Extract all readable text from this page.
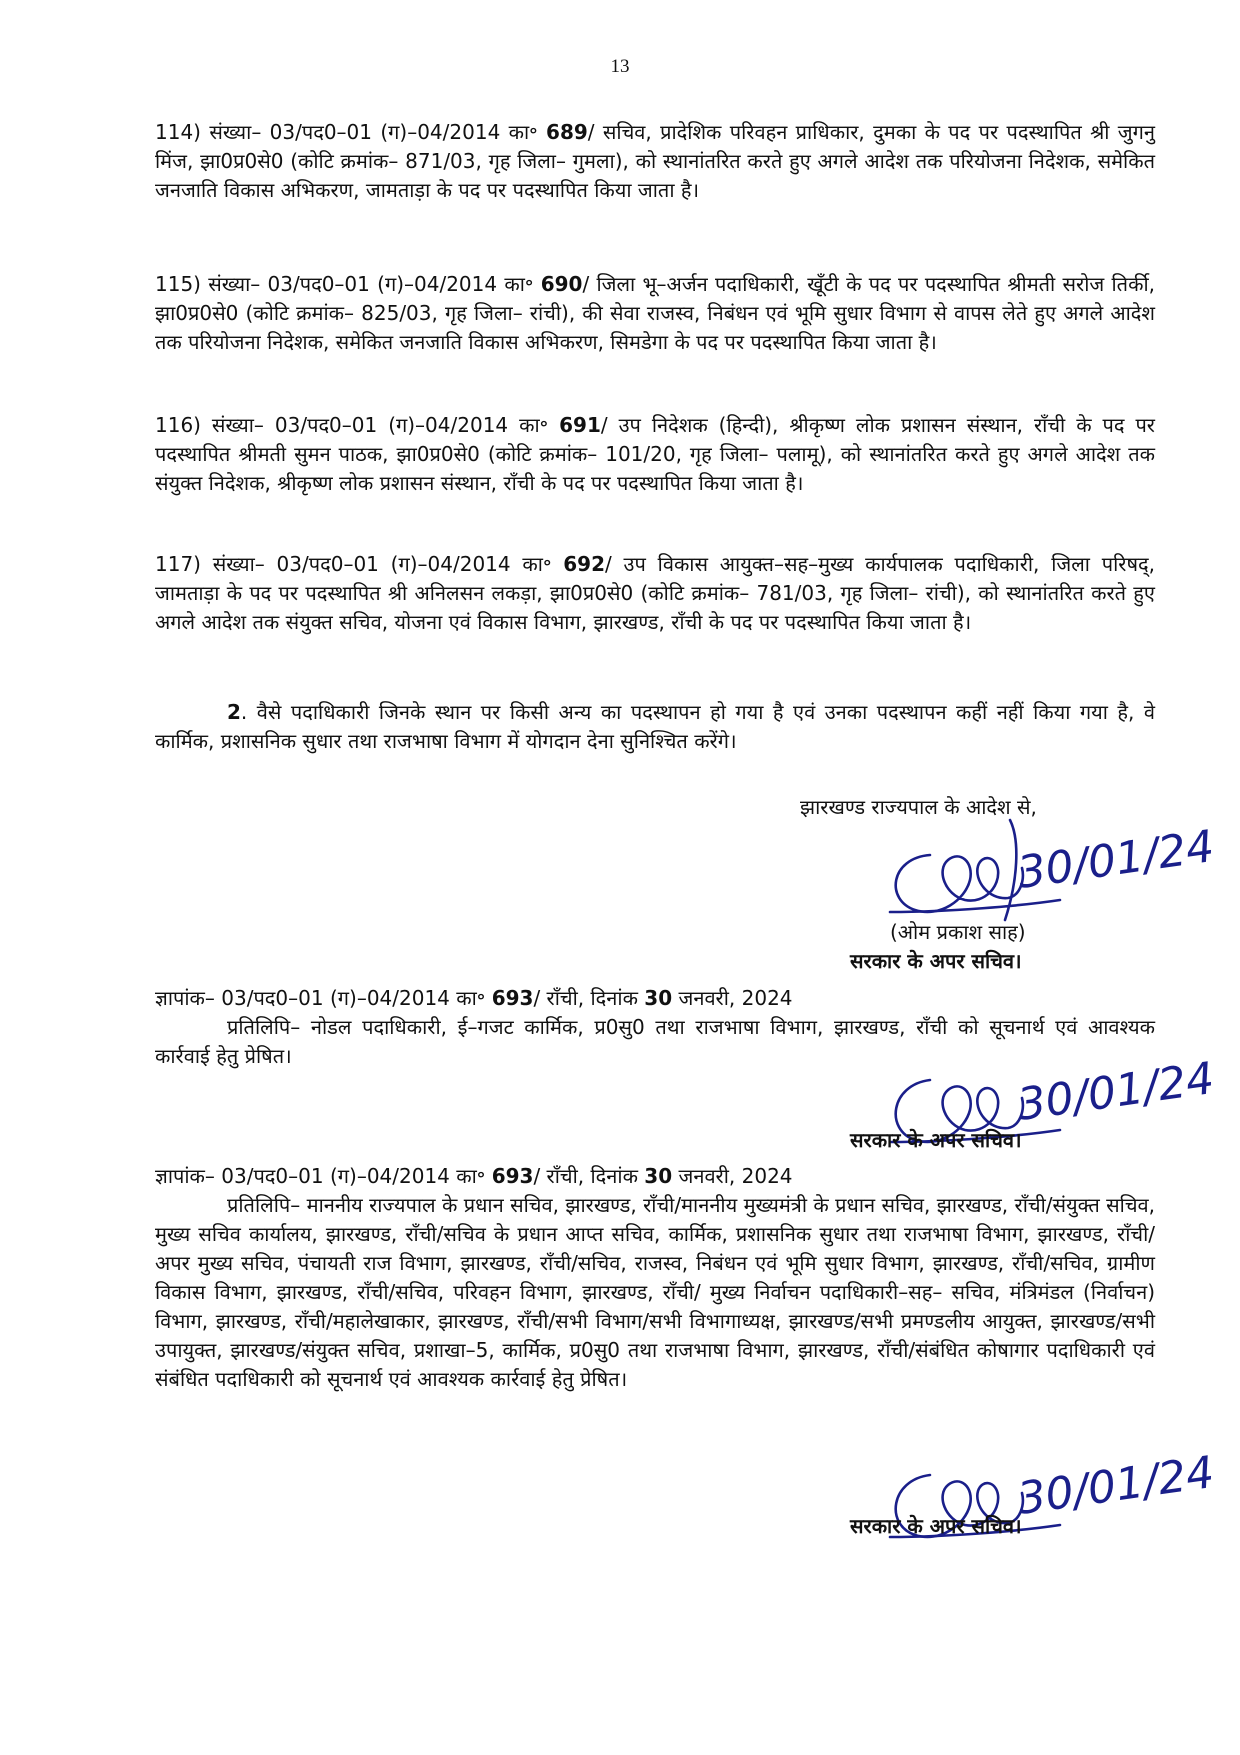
13

114) संख्या– 03/पद0–01 (ग)–04/2014 का॰ 689/ सचिव, प्रादेशिक परिवहन प्राधिकार, दुमका के पद पर पदस्थापित श्री जुगनु मिंज, झा0प्र0से0 (कोटि क्रमांक– 871/03, गृह जिला– गुमला), को स्थानांतरित करते हुए अगले आदेश तक परियोजना निदेशक, समेकित जनजाति विकास अभिकरण, जामताड़ा के पद पर पदस्थापित किया जाता है।

115) संख्या– 03/पद0–01 (ग)–04/2014 का॰ 690/ जिला भू–अर्जन पदाधिकारी, खूँटी के पद पर पदस्थापित श्रीमती सरोज तिर्की, झा0प्र0से0 (कोटि क्रमांक– 825/03, गृह जिला– रांची), की सेवा राजस्व, निबंधन एवं भूमि सुधार विभाग से वापस लेते हुए अगले आदेश तक परियोजना निदेशक, समेकित जनजाति विकास अभिकरण, सिमडेगा के पद पर पदस्थापित किया जाता है।

116) संख्या– 03/पद0–01 (ग)–04/2014 का॰ 691/ उप निदेशक (हिन्दी), श्रीकृष्ण लोक प्रशासन संस्थान, राँची के पद पर पदस्थापित श्रीमती सुमन पाठक, झा0प्र0से0 (कोटि क्रमांक– 101/20, गृह जिला– पलामू), को स्थानांतरित करते हुए अगले आदेश तक संयुक्त निदेशक, श्रीकृष्ण लोक प्रशासन संस्थान, राँची के पद पर पदस्थापित किया जाता है।

117) संख्या– 03/पद0–01 (ग)–04/2014 का॰ 692/ उप विकास आयुक्त–सह–मुख्य कार्यपालक पदाधिकारी, जिला परिषद्, जामताड़ा के पद पर पदस्थापित श्री अनिलसन लकड़ा, झा0प्र0से0 (कोटि क्रमांक– 781/03, गृह जिला– रांची), को स्थानांतरित करते हुए अगले आदेश तक संयुक्त सचिव, योजना एवं विकास विभाग, झारखण्ड, राँची के पद पर पदस्थापित किया जाता है।

2. वैसे पदाधिकारी जिनके स्थान पर किसी अन्य का पदस्थापन हो गया है एवं उनका पदस्थापन कहीं नहीं किया गया है, वे कार्मिक, प्रशासनिक सुधार तथा राजभाषा विभाग में योगदान देना सुनिश्चित करेंगे।

झारखण्ड राज्यपाल के आदेश से,
30/01/24
(ओम प्रकाश साह)
सरकार के अपर सचिव।
ज्ञापांक– 03/पद0–01 (ग)–04/2014 का॰ 693/ राँची, दिनांक 30 जनवरी, 2024
प्रतिलिपि– नोडल पदाधिकारी, ई–गजट कार्मिक, प्र0सु0 तथा राजभाषा विभाग, झारखण्ड, राँची को सूचनार्थ एवं आवश्यक कार्रवाई हेतु प्रेषित।	30/01/24
सरकार के अपर सचिव।
ज्ञापांक– 03/पद0–01 (ग)–04/2014 का॰ 693/ राँची, दिनांक 30 जनवरी, 2024
प्रतिलिपि– माननीय राज्यपाल के प्रधान सचिव, झारखण्ड, राँची/माननीय मुख्यमंत्री के प्रधान सचिव, झारखण्ड, राँची/संयुक्त सचिव, मुख्य सचिव कार्यालय, झारखण्ड, राँची/सचिव के प्रधान आप्त सचिव, कार्मिक, प्रशासनिक सुधार तथा राजभाषा विभाग, झारखण्ड, राँची/अपर मुख्य सचिव, पंचायती राज विभाग, झारखण्ड, राँची/सचिव, राजस्व, निबंधन एवं भूमि सुधार विभाग, झारखण्ड, राँची/सचिव, ग्रामीण विकास विभाग, झारखण्ड, राँची/सचिव, परिवहन विभाग, झारखण्ड, राँची/ मुख्य निर्वाचन पदाधिकारी–सह– सचिव, मंत्रिमंडल (निर्वाचन) विभाग, झारखण्ड, राँची/महालेखाकार, झारखण्ड, राँची/सभी विभाग/सभी विभागाध्यक्ष, झारखण्ड/सभी प्रमण्डलीय आयुक्त, झारखण्ड/सभी उपायुक्त, झारखण्ड/संयुक्त सचिव, प्रशाखा–5, कार्मिक, प्र0सु0 तथा राजभाषा विभाग, झारखण्ड, राँची/संबंधित कोषागार पदाधिकारी एवं संबंधित पदाधिकारी को सूचनार्थ एवं आवश्यक कार्रवाई हेतु प्रेषित।
30/01/24
सरकार के अपर सचिव।
